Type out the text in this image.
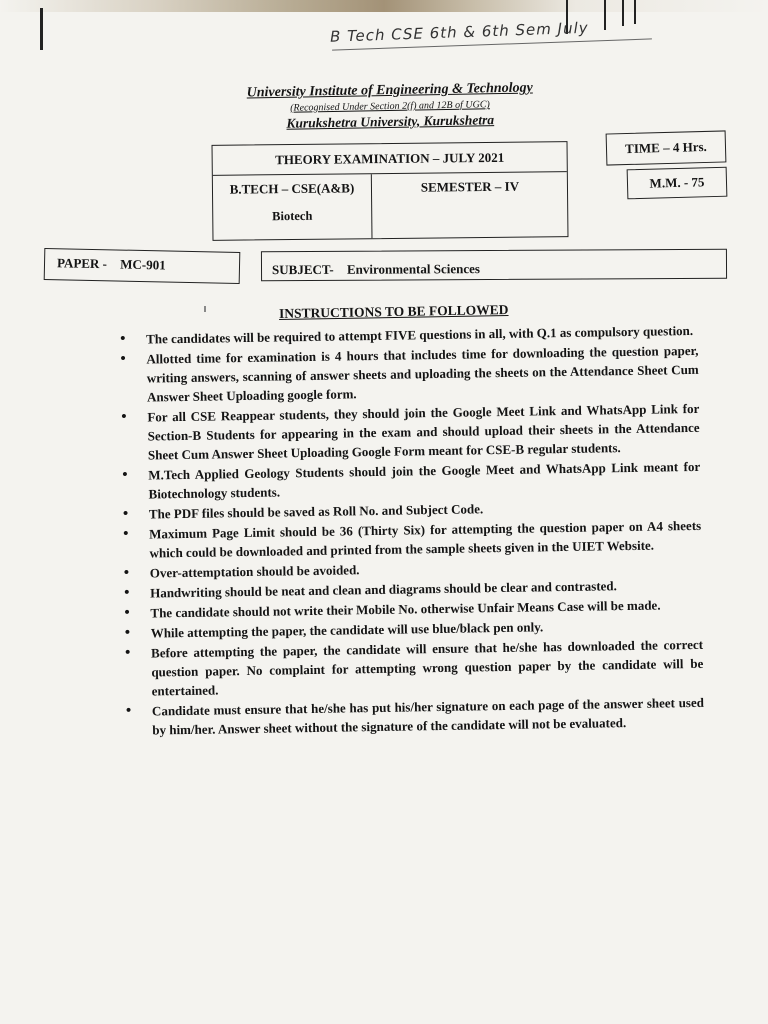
B Tech CSE 6th & 6th Sem July
University Institute of Engineering & Technology
(Recognised Under Section 2(f) and 12B of UGC)
Kurukshetra University, Kurukshetra
THEORY EXAMINATION – JULY 2021
B.TECH – CSE(A&B)
Biotech
SEMESTER – IV
TIME – 4 Hrs.
M.M. - 75
PAPER - MC-901	SUBJECT- Environmental Sciences
INSTRUCTIONS TO BE FOLLOWED
• The candidates will be required to attempt FIVE questions in all, with Q.1 as compulsory question.
• Allotted time for examination is 4 hours that includes time for downloading the question paper, writing answers, scanning of answer sheets and uploading the sheets on the Attendance Sheet Cum Answer Sheet Uploading google form.
• For all CSE Reappear students, they should join the Google Meet Link and WhatsApp Link for Section-B Students for appearing in the exam and should upload their sheets in the Attendance Sheet Cum Answer Sheet Uploading Google Form meant for CSE-B regular students.
• M.Tech Applied Geology Students should join the Google Meet and WhatsApp Link meant for Biotechnology students.
• The PDF files should be saved as Roll No. and Subject Code.
• Maximum Page Limit should be 36 (Thirty Six) for attempting the question paper on A4 sheets which could be downloaded and printed from the sample sheets given in the UIET Website.
• Over-attemptation should be avoided.
• Handwriting should be neat and clean and diagrams should be clear and contrasted.
• The candidate should not write their Mobile No. otherwise Unfair Means Case will be made.
• While attempting the paper, the candidate will use blue/black pen only.
• Before attempting the paper, the candidate will ensure that he/she has downloaded the correct question paper. No complaint for attempting wrong question paper by the candidate will be entertained.
• Candidate must ensure that he/she has put his/her signature on each page of the answer sheet used by him/her. Answer sheet without the signature of the candidate will not be evaluated.
